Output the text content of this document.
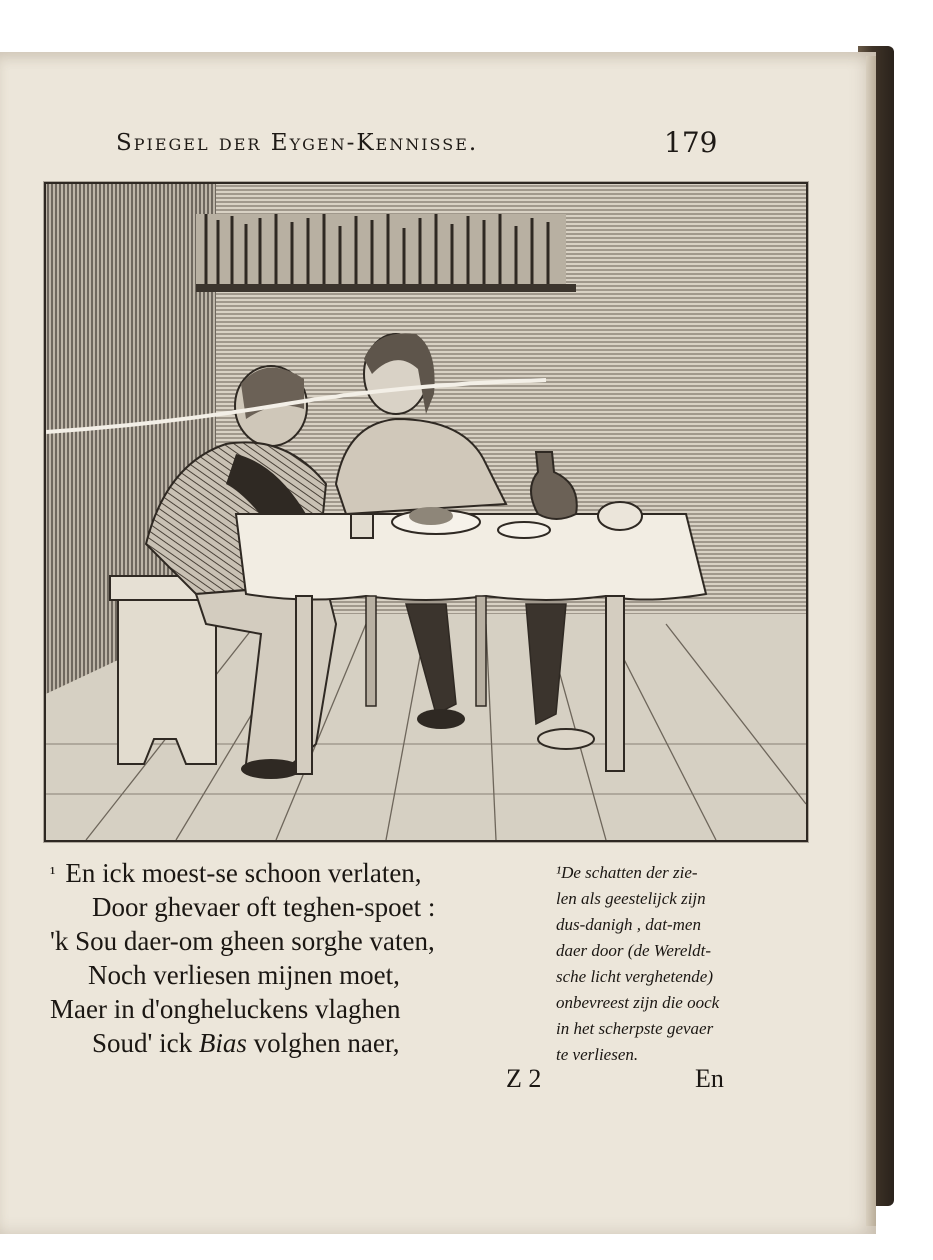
Spiegel der Eygen-Kennisse.	179
¹ En ick moest-se schoon verlaten,
Door ghevaer oft teghen-spoet :
'k Sou daer-om gheen sorghe vaten,
Noch verliesen mijnen moet,
Maer in d'ongheluckens vlaghen
Soud' ick Bias volghen naer,
¹De schatten der zie-
len als geestelijck zijn
dus-danigh , dat-men
daer door (de Wereldt-
sche licht verghetende)
onbevreest zijn die oock
in het scherpste gevaer
te verliesen.
Z 2	En
